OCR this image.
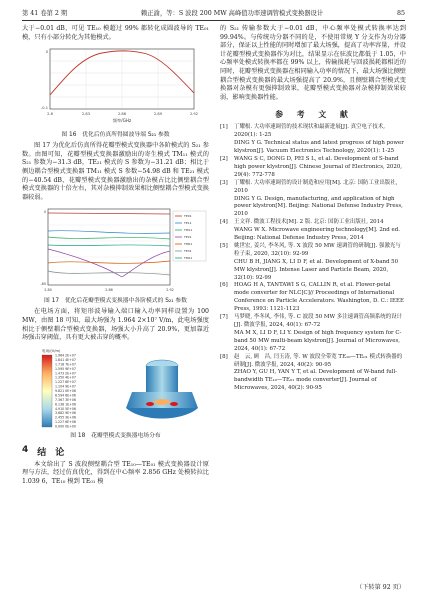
第 41 卷第 2 期	赖正渝，等：S 波段 200 MW 高峰值功率速调管模式变换器设计	85

大于−0.01 dB，可见 TE₁₀ 模超过 99% 都转化成圆波导的 TE₀₁ 模，只有小部分转化为其他模式。

0
-0.1
2.8	2.83	2.86	2.89	2.92
频率/GHz
图 16　优化后仿真所得圆波导端 S₂₁ 参数

图 17 为优化后仿真所得花瓣型模式变换器中各阶模式的 S₂₁ 参数。由图可知，花瓣型模式变换器激励出的寄生模式 TM₁₁ 模式的 S₂₁ 参数为−31.3 dB，TE₂₁ 模式的 S 参数为−31.21 dB；相比于侧边耦合型模式变换器 TM₁₁ 模式 S 参数−54.98 dB 和 TE₂₁ 模式的−40.54 dB，花瓣型模式变换器激励出的杂模占比比侧壁耦合型模式变换器的十倍左右，其对杂模抑制效果相比侧壁耦合型模式变换器较弱。

0
-80
2.80	2.86	2.92
TE01
TE11
TM11
TE21
TM01
TE31
TM21
图 17　优化后花瓣型模式变换器中各阶模式的 S₂₁ 参数

在电场方面，将矩形波导输入端口输入功率同样设置为 100 MW，由图 18 可知，最大场强为 1.964 2×10⁷ V/m，此电场强度相比于侧壁耦合型模式变换器，场强大小升高了 20.9%，更加靠近场强击穿阈值，具有更大被击穿的概率。

电场/(V/m)
1.964 2E+07
1.841 4E+07
1.718 7E+07
1.595 9E+07
1.473 2E+07
1.350 4E+07
1.227 6E+07
1.104 9E+07
9.821 0E+06
8.594 6E+06
7.367 3E+06
6.138 1E+06
4.910 5E+06
3.682 9E+06
2.455 3E+06
1.227 6E+06
0.000 0E+00
图 18　花瓣型模式变换器电场分布
4 结　论

本文给出了 S 波段侧壁耦合型 TE₁₀—TE₀₁ 模式变换器设计原理与方法，经过仿真优化，得到在中心频率 2.856 GHz 处模转拉比 1.039 6，TE₁₀ 模到 TE₀₁ 模

的 S₂₁ 传输参数大于−0.01 dB，中心频率处模式转换率达到 99.94%。与传统功分器不同的是，不使用常规 Y 分支作为功分器部分，保证以上性能的同时增加了最大场强，提高了功率容量，并设计花瓣型模式变换器作为对比，结果显示在驻波比都低于 1.05，中心频率处模式转换率都在 99% 以上，传输损耗与回波损耗都相近的同时，花瓣型模式变换器在相同输入功率的情况下，最大场强比侧壁耦合型模式变换器的最大场强提高了 20.9%，且侧壁耦合型模式变换器对杂模有更强抑制效果，花瓣型模式变换器对杂模抑制效果较弱，影响变换器性能。

参　考　文　献
[1]	丁耀根. 大功率速调管的技术现状和最新进展[J]. 真空电子技术, 2020(1): 1-25
DING Y G. Technical status and latest progress of high power klystron[J]. Vacuum Electronics Technology, 2020(1): 1-25
[2]	WANG S C, DONG D, PEI S L, et al. Development of S-band high power klystron[J]. Chinese Journal of Electronics, 2020, 29(4): 772-778
[3]	丁耀根. 大功率速调管的设计制造和应用[M]. 北京: 国防工业出版社, 2010
DING Y G. Design, manufacturing, and application of high power klystron[M]. Beijing: National Defense Industry Press, 2010
[4]	王文祥. 微波工程技术[M]. 2 版. 北京: 国防工业出版社, 2014
WANG W X. Microwave engineering technology[M]. 2nd ed. Beijing: National Defense Industry Press, 2014
[5]	姚世宏, 姜兴, 李冬风, 等. X 波段 50 MW 速调管的研制[J]. 强激光与粒子束, 2020, 32(10): 92-99
CHU B H, JIANG X, LI D F, et al. Development of X-band 50 MW klystron[J]. Intense Laser and Particle Beam, 2020, 32(10): 92-99
[6]	HOAG H A, TANTAWI S G, CALLIN R, et al. Flower-petal mode converter for NLC[C]// Proceedings of International Conference on Particle Accelerators. Washington, D. C.: IEEE Press, 1993: 1121-1123
[7]	马梦晓, 李冬风, 李伟, 等. C 波段 50 MW 多注速调管高频系统的设计[J]. 微波学报, 2024, 40(1): 67-72
MA M X, LI D F, LI Y. Design of high frequency system for C-band 50 MW multi-beam klystron[J]. Journal of Microwaves, 2024, 40(1): 67-72
[8]	赵　云, 顾　昌, 闫玉涛, 等. W 波段全带宽 TE₁₀—TE₀₁ 模式转换器的研制[J]. 微波学报, 2024, 40(2): 90-95
ZHAO Y, GU H, YAN Y T, et al. Development of W-band full-bandwidth TE₁₀—TE₀₁ mode converter[J]. Journal of Microwaves, 2024, 40(2): 90-95
（下转第 92 页）
